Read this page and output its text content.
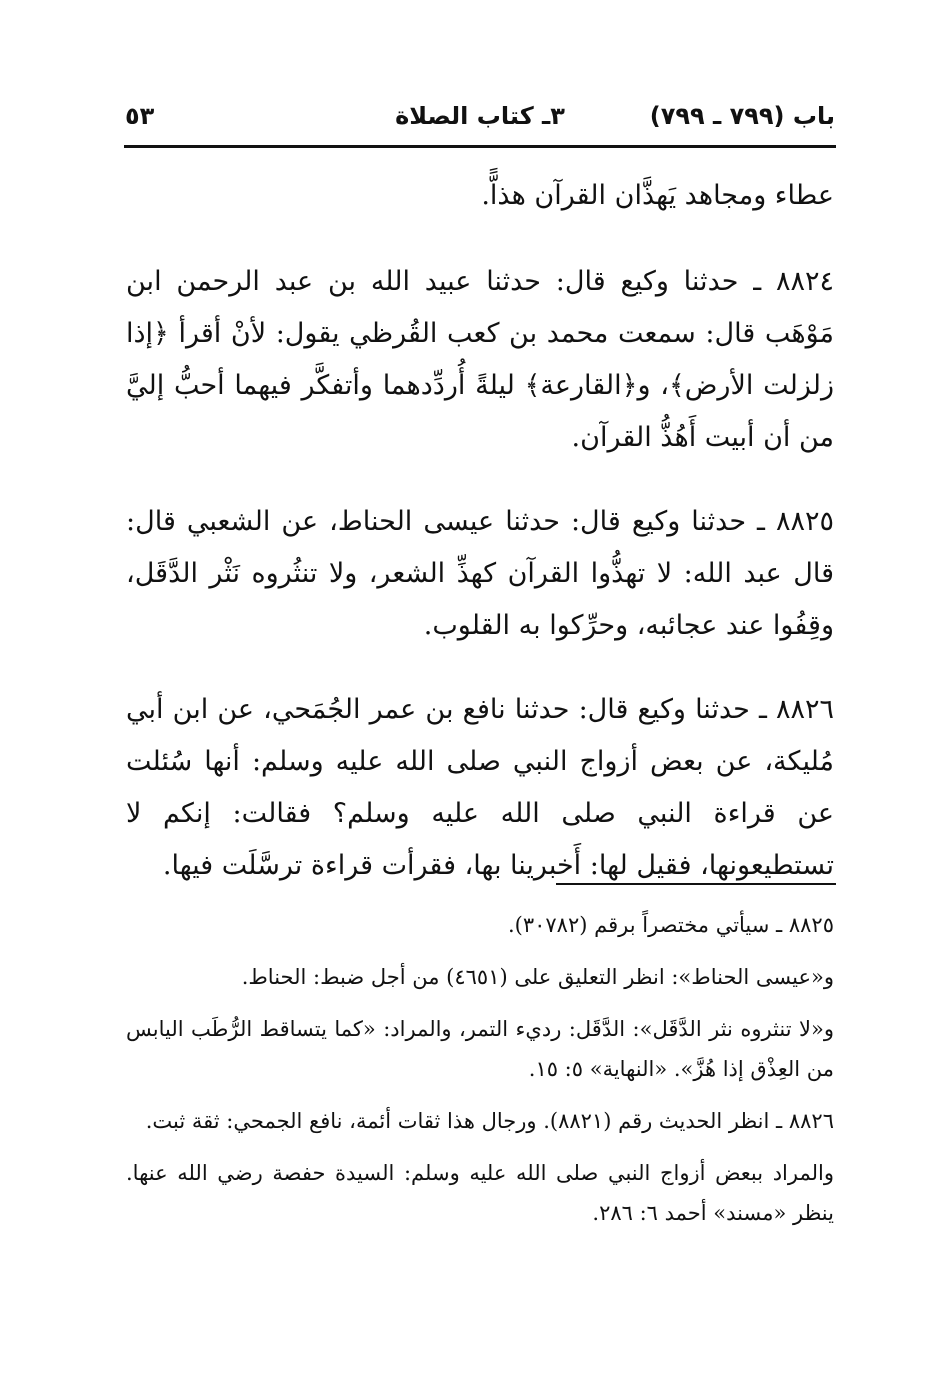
باب (٧٩٩ ـ ٧٩٩)
٣ـ كتاب الصلاة
٥٣

عطاء ومجاهد يَهذَّان القرآن هذاًّ.

٨٨٢٤ ـ حدثنا وكيع قال: حدثنا عبيد الله بن عبد الرحمن ابن مَوْهَب قال: سمعت محمد بن كعب القُرظي يقول: لأنْ أقرأ ﴿إذا زلزلت الأرض﴾، و﴿القارعة﴾ ليلةً أُردِّدهما وأتفكَّر فيهما أحبُّ إليَّ من أن أبيت أَهُذُّ القرآن.

٨٨٢٥ ـ حدثنا وكيع قال: حدثنا عيسى الحناط، عن الشعبي قال: قال عبد الله: لا تهذُّوا القرآن كهذِّ الشعر، ولا تنثُروه نَثْر الدَّقَل، وقِفُوا عند عجائبه، وحرِّكوا به القلوب.

٨٨٢٦ ـ حدثنا وكيع قال: حدثنا نافع بن عمر الجُمَحي، عن ابن أبي مُليكة، عن بعض أزواج النبي صلى الله عليه وسلم: أنها سُئلت عن قراءة النبي صلى الله عليه وسلم؟ فقالت: إنكم لا تستطيعونها، فقيل لها: أَخبرينا بها، فقرأت قراءة ترسَّلَت فيها.

٨٨٢٥ ـ سيأتي مختصراً برقم (٣٠٧٨٢).

و«عيسى الحناط»: انظر التعليق على (٤٦٥١) من أجل ضبط: الحناط.

و«لا تنثروه نثر الدَّقَل»: الدَّقَل: رديء التمر، والمراد: «كما يتساقط الرُّطَب اليابس من العِذْق إذا هُزَّ». «النهاية» ٥: ١٥.

٨٨٢٦ ـ انظر الحديث رقم (٨٨٢١). ورجال هذا ثقات أئمة، نافع الجمحي: ثقة ثبت.

والمراد ببعض أزواج النبي صلى الله عليه وسلم: السيدة حفصة رضي الله عنها. ينظر «مسند» أحمد ٦: ٢٨٦.
